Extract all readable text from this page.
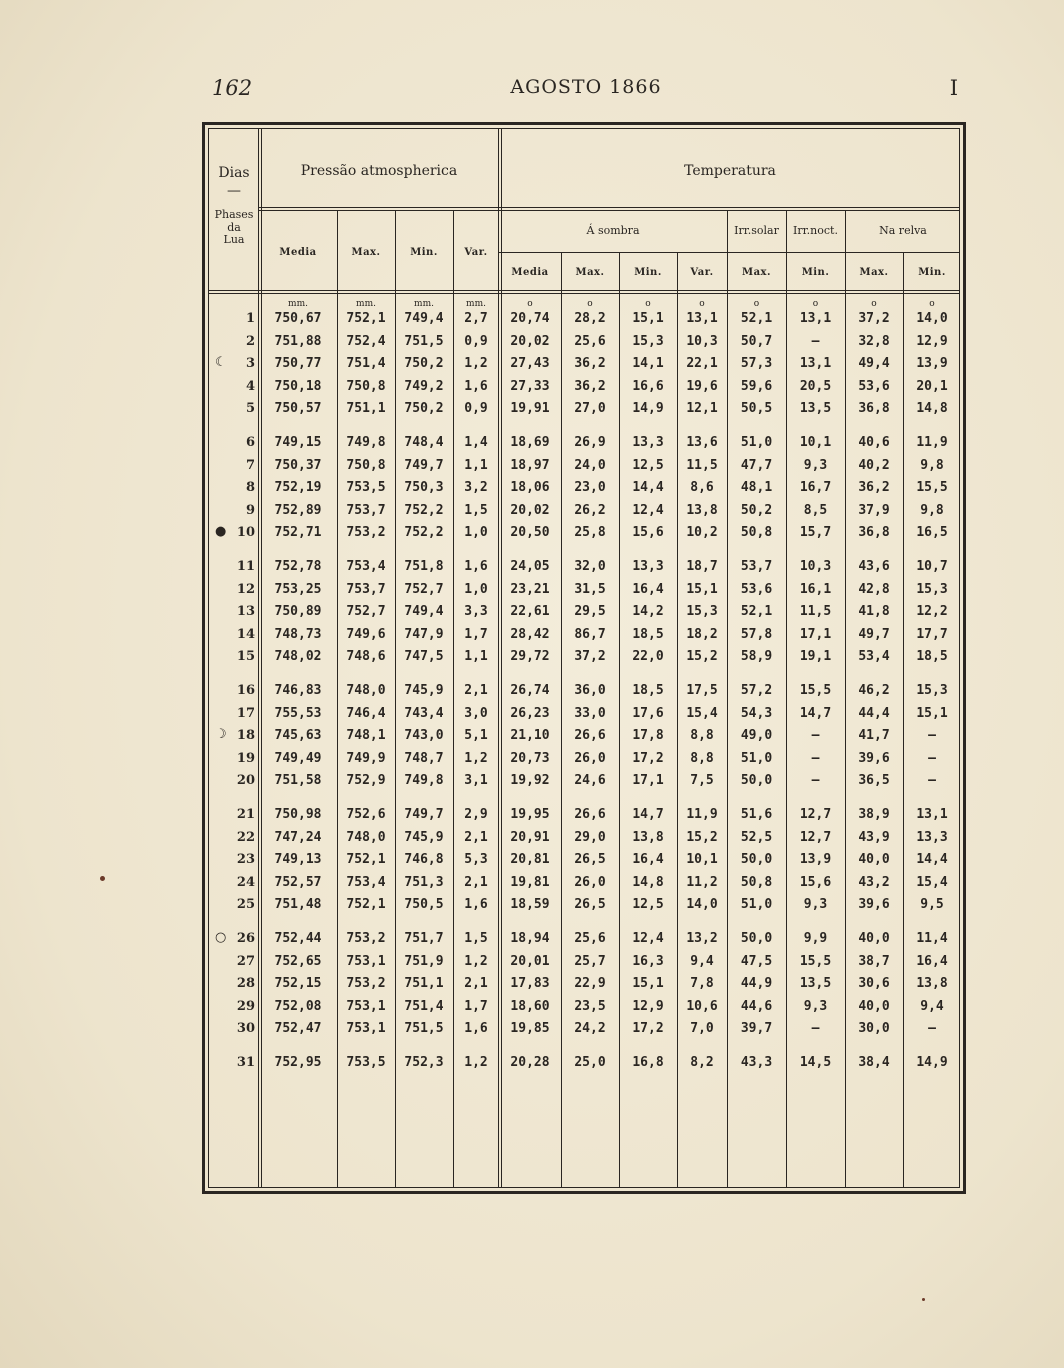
162	AGOSTO 1866	I
Dias
—
Phases
da
Lua
Pressão atmospherica	Temperatura
Á sombra	Irr.solar	Irr.noct.	Na relva
Media	Max.	Min.	Var.
Media	Max.	Min.	Var.	Max.	Min.	Max.	Min.
mm.	mm.	mm.	mm.	o	o	o	o	o	o	o	o
1	750,67	752,1	749,4	2,7	20,74	28,2	15,1	13,1	52,1	13,1	37,2	14,0
2	751,88	752,4	751,5	0,9	20,02	25,6	15,3	10,3	50,7	—	32,8	12,9
3	750,77	751,4	750,2	1,2	27,43	36,2	14,1	22,1	57,3	13,1	49,4	13,9
☾
4	750,18	750,8	749,2	1,6	27,33	36,2	16,6	19,6	59,6	20,5	53,6	20,1
5	750,57	751,1	750,2	0,9	19,91	27,0	14,9	12,1	50,5	13,5	36,8	14,8
6	749,15	749,8	748,4	1,4	18,69	26,9	13,3	13,6	51,0	10,1	40,6	11,9
7	750,37	750,8	749,7	1,1	18,97	24,0	12,5	11,5	47,7	9,3	40,2	9,8
8	752,19	753,5	750,3	3,2	18,06	23,0	14,4	8,6	48,1	16,7	36,2	15,5
9	752,89	753,7	752,2	1,5	20,02	26,2	12,4	13,8	50,2	8,5	37,9	9,8
10	752,71	753,2	752,2	1,0	20,50	25,8	15,6	10,2	50,8	15,7	36,8	16,5
●
11	752,78	753,4	751,8	1,6	24,05	32,0	13,3	18,7	53,7	10,3	43,6	10,7
12	753,25	753,7	752,7	1,0	23,21	31,5	16,4	15,1	53,6	16,1	42,8	15,3
13	750,89	752,7	749,4	3,3	22,61	29,5	14,2	15,3	52,1	11,5	41,8	12,2
14	748,73	749,6	747,9	1,7	28,42	86,7	18,5	18,2	57,8	17,1	49,7	17,7
15	748,02	748,6	747,5	1,1	29,72	37,2	22,0	15,2	58,9	19,1	53,4	18,5
16	746,83	748,0	745,9	2,1	26,74	36,0	18,5	17,5	57,2	15,5	46,2	15,3
17	755,53	746,4	743,4	3,0	26,23	33,0	17,6	15,4	54,3	14,7	44,4	15,1
18	745,63	748,1	743,0	5,1	21,10	26,6	17,8	8,8	49,0	—	41,7	—
☽
19	749,49	749,9	748,7	1,2	20,73	26,0	17,2	8,8	51,0	—	39,6	—
20	751,58	752,9	749,8	3,1	19,92	24,6	17,1	7,5	50,0	—	36,5	—
21	750,98	752,6	749,7	2,9	19,95	26,6	14,7	11,9	51,6	12,7	38,9	13,1
22	747,24	748,0	745,9	2,1	20,91	29,0	13,8	15,2	52,5	12,7	43,9	13,3
23	749,13	752,1	746,8	5,3	20,81	26,5	16,4	10,1	50,0	13,9	40,0	14,4
24	752,57	753,4	751,3	2,1	19,81	26,0	14,8	11,2	50,8	15,6	43,2	15,4
25	751,48	752,1	750,5	1,6	18,59	26,5	12,5	14,0	51,0	9,3	39,6	9,5
26	752,44	753,2	751,7	1,5	18,94	25,6	12,4	13,2	50,0	9,9	40,0	11,4
○
27	752,65	753,1	751,9	1,2	20,01	25,7	16,3	9,4	47,5	15,5	38,7	16,4
28	752,15	753,2	751,1	2,1	17,83	22,9	15,1	7,8	44,9	13,5	30,6	13,8
29	752,08	753,1	751,4	1,7	18,60	23,5	12,9	10,6	44,6	9,3	40,0	9,4
30	752,47	753,1	751,5	1,6	19,85	24,2	17,2	7,0	39,7	—	30,0	—
31	752,95	753,5	752,3	1,2	20,28	25,0	16,8	8,2	43,3	14,5	38,4	14,9
